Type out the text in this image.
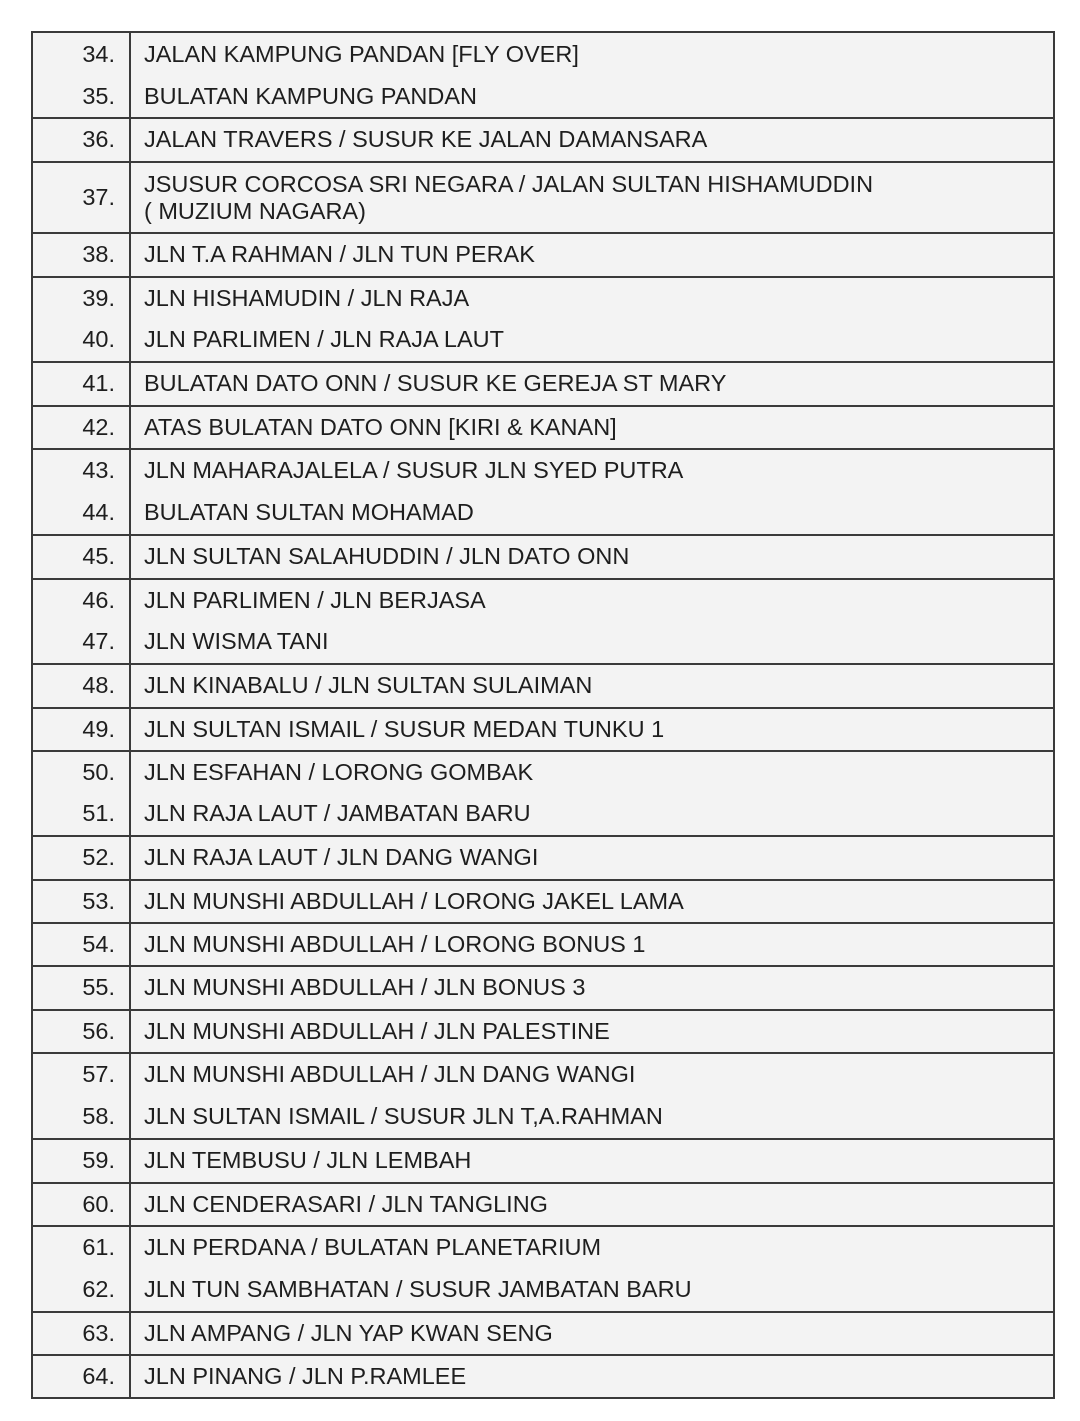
34.	JALAN KAMPUNG PANDAN [FLY OVER]
35.	BULATAN KAMPUNG PANDAN
36.	JALAN TRAVERS / SUSUR KE JALAN DAMANSARA
37.	JSUSUR CORCOSA SRI NEGARA / JALAN SULTAN HISHAMUDDIN
( MUZIUM NAGARA)

38.	JLN T.A RAHMAN / JLN TUN PERAK
39.	JLN HISHAMUDIN / JLN RAJA
40.	JLN PARLIMEN / JLN RAJA LAUT
41.	BULATAN DATO ONN / SUSUR KE GEREJA ST MARY
42.	ATAS BULATAN DATO ONN [KIRI & KANAN]
43.	JLN MAHARAJALELA / SUSUR JLN SYED PUTRA
44.	BULATAN SULTAN MOHAMAD
45.	JLN SULTAN SALAHUDDIN / JLN DATO ONN
46.	JLN PARLIMEN / JLN BERJASA
47.	JLN WISMA TANI
48.	JLN KINABALU / JLN SULTAN SULAIMAN
49.	JLN SULTAN ISMAIL / SUSUR MEDAN TUNKU 1
50.	JLN ESFAHAN / LORONG GOMBAK
51.	JLN RAJA LAUT / JAMBATAN BARU
52.	JLN RAJA LAUT / JLN DANG WANGI
53.	JLN MUNSHI ABDULLAH / LORONG JAKEL LAMA
54.	JLN MUNSHI ABDULLAH / LORONG BONUS 1
55.	JLN MUNSHI ABDULLAH / JLN BONUS 3
56.	JLN MUNSHI ABDULLAH / JLN PALESTINE
57.	JLN MUNSHI ABDULLAH / JLN DANG WANGI
58.	JLN SULTAN ISMAIL / SUSUR JLN T,A.RAHMAN
59.	JLN TEMBUSU / JLN LEMBAH
60.	JLN CENDERASARI / JLN TANGLING
61.	JLN PERDANA / BULATAN PLANETARIUM
62.	JLN TUN SAMBHATAN / SUSUR JAMBATAN BARU
63.	JLN AMPANG / JLN YAP KWAN SENG
64.	JLN PINANG / JLN P.RAMLEE
